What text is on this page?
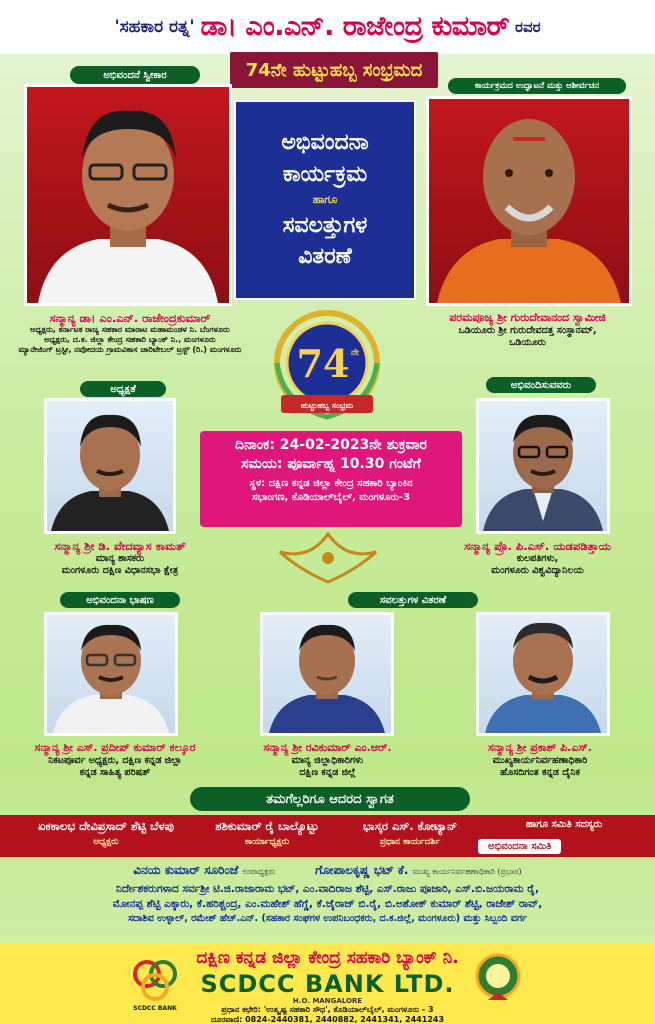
'ಸಹಕಾರ ರತ್ನ' ಡಾ। ಎಂ.ಎನ್. ರಾಜೇಂದ್ರ ಕುಮಾರ್ ರವರ
74ನೇ ಹುಟ್ಟುಹಬ್ಬ ಸಂಭ್ರಮದ
ಅಭಿವಂದನೆ ಸ್ವೀಕಾರ
ಸನ್ಮಾನ್ಯ ಡಾ। ಎಂ.ಎನ್. ರಾಜೇಂದ್ರಕುಮಾರ್
ಅಧ್ಯಕ್ಷರು, ಕರ್ನಾಟಕ ರಾಜ್ಯ ಸಹಕಾರ ಮಾರಾಟ ಮಹಾಮಂಡಳ ನಿ. ಬೆಂಗಳೂರು
ಅಧ್ಯಕ್ಷರು, ದ.ಕ. ಜಿಲ್ಲಾ ಕೇಂದ್ರ ಸಹಕಾರಿ ಬ್ಯಾಂಕ್ ನಿ., ಮಂಗಳೂರು
ಮ್ಯಾನೇಜಿಂಗ್ ಟ್ರಸ್ಟೀ, ನವೋದಯ ಗ್ರಾಮವಿಕಾಸ ಚಾರಿಟೇಬಲ್ ಟ್ರಸ್ಟ್ (ರಿ.) ಮಂಗಳೂರು
ಅಭಿವಂದನಾ
ಕಾರ್ಯಕ್ರಮ
ಹಾಗೂ
ಸವಲತ್ತುಗಳ
ವಿತರಣೆ
ಕಾರ್ಯಕ್ರಮದ ಉದ್ಘಾಟನೆ ಮತ್ತು ಆಶೀರ್ವಚನ
ಪರಮಪೂಜ್ಯ ಶ್ರೀ ಗುರುದೇವಾನಂದ ಸ್ವಾಮೀಜಿ
ಒಡಿಯೂರು ಶ್ರೀ ಗುರುದೇವದತ್ತ ಸಂಸ್ಥಾನಮ್,
ಒಡಿಯೂರು
74 ನೇ
ಹುಟ್ಟುಹಬ್ಬ ಸಂಭ್ರಮ
ಅಧ್ಯಕ್ಷತೆ
ಸನ್ಮಾನ್ಯ ಶ್ರೀ ಡಿ. ವೇದವ್ಯಾಸ ಕಾಮತ್
ಮಾನ್ಯ ಶಾಸಕರು
ಮಂಗಳೂರು ದಕ್ಷಿಣ ವಿಧಾನಸಭಾ ಕ್ಷೇತ್ರ
ದಿನಾಂಕ: 24-02-2023ನೇ ಶುಕ್ರವಾರ
ಸಮಯ: ಪೂರ್ವಾಹ್ನ 10.30 ಗಂಟೆಗೆ
ಸ್ಥಳ: ದಕ್ಷಿಣ ಕನ್ನಡ ಜಿಲ್ಲಾ ಕೇಂದ್ರ ಸಹಕಾರಿ ಬ್ಯಾಂಕಿನ
ಸಭಾಂಗಣ, ಕೊಡಿಯಾಲ್‌ಬೈಲ್, ಮಂಗಳೂರು-3
ಅಭಿವಂದಿಸುವವರು
ಸನ್ಮಾನ್ಯ ಪ್ರೊ. ಪಿ.ಎಸ್. ಯಡಪಡಿತ್ತಾಯ
ಕುಲಪತಿಗಳು,
ಮಂಗಳೂರು ವಿಶ್ವವಿದ್ಯಾನಿಲಯ
ಅಭಿವಂದನಾ ಭಾಷಣ	ಸವಲತ್ತುಗಳ ವಿತರಣೆ
ಸನ್ಮಾನ್ಯ ಶ್ರೀ ಎಸ್. ಪ್ರದೀಪ್ ಕುಮಾರ್ ಕಲ್ಕೂರ
ನಿಕಟಪೂರ್ವ ಅಧ್ಯಕ್ಷರು, ದಕ್ಷಿಣ ಕನ್ನಡ ಜಿಲ್ಲಾ
ಕನ್ನಡ ಸಾಹಿತ್ಯ ಪರಿಷತ್
ಸನ್ಮಾನ್ಯ ಶ್ರೀ ರವಿಕುಮಾರ್ ಎಂ.ಆರ್.
ಮಾನ್ಯ ಜಿಲ್ಲಾಧಿಕಾರಿಗಳು
ದಕ್ಷಿಣ ಕನ್ನಡ ಜಿಲ್ಲೆ
ಸನ್ಮಾನ್ಯ ಶ್ರೀ ಪ್ರಕಾಶ್ ಪಿ.ಎಸ್.
ಮುಖ್ಯಕಾರ್ಯನಿರ್ವಹಣಾಧಿಕಾರಿ
ಹೊಸದಿಗಂತ ಕನ್ನಡ ದೈನಿಕ
ತಮಗೆಲ್ಲರಿಗೂ ಆದರದ ಸ್ವಾಗತ
ಏಕಕಾಲಭ ದೇವಿಪ್ರಸಾದ್ ಶೆಟ್ಟಿ ಬೆಳಪು
ಅಧ್ಯಕ್ಷರು
ಶಶಿಕುಮಾರ್ ರೈ ಬಾಲ್ಯೊಟ್ಟು
ಕಾರ್ಯಾಧ್ಯಕ್ಷರು
ಭಾಸ್ಕರ ಎಸ್. ಕೋಟ್ಯಾನ್
ಪ್ರಧಾನ ಕಾರ್ಯದರ್ಶಿ
ಹಾಗೂ ಸಮಿತಿ ಸದಸ್ಯರು
ಅಭಿವಂದನಾ ಸಮಿತಿ
ವಿನಯ ಕುಮಾರ್ ಸೂರಿಂಜೆ ಉಪಾಧ್ಯಕ್ಷರು	ಗೋಪಾಲಕೃಷ್ಣ ಭಟ್ ಕೆ. ಮುಖ್ಯ ಕಾರ್ಯನಿರ್ವಹಣಾಧಿಕಾರಿ (ಪ್ರಭಾರ)
ನಿರ್ದೇಶಕರುಗಳಾದ ಸರ್ವಶ್ರೀ ಟಿ.ಜಿ.ರಾಜಾರಾಮ ಭಟ್, ಎಂ.ವಾದಿರಾಜ ಶೆಟ್ಟಿ, ಎಸ್.ರಾಜು ಪೂಜಾರಿ, ಎಸ್.ಬಿ.ಜಯರಾಮ ರೈ,
ಮೋನಪ್ಪ ಶೆಟ್ಟಿ ಎಕ್ಕಾರು, ಕೆ.ಹರಿಶ್ಚಂದ್ರ, ಎಂ.ಮಹೇಶ್ ಹೆಗ್ಡೆ, ಕೆ.ಜೈರಾಜ್ ಬಿ.ರೈ, ಬಿ.ಅಶೋಕ್ ಕುಮಾರ್ ಶೆಟ್ಟಿ, ರಾಜೇಶ್ ರಾವ್,
ಸದಾಶಿವ ಉಳ್ಳಾಲ್, ರಮೇಶ್ ಹೆಚ್.ಎನ್. (ಸಹಕಾರ ಸಂಘಗಳ ಉಪನಿಬಂಧಕರು, ದ.ಕ.ಜಿಲ್ಲೆ, ಮಂಗಳೂರು) ಮತ್ತು ಸಿಬ್ಬಂದಿ ವರ್ಗ
SCDCC BANK
ದಕ್ಷಿಣ ಕನ್ನಡ ಜಿಲ್ಲಾ ಕೇಂದ್ರ ಸಹಕಾರಿ ಬ್ಯಾಂಕ್ ನಿ.
SCDCC BANK LTD.
H.O. MANGALORE
ಪ್ರಧಾನ ಕಛೇರಿ: 'ಉತ್ಕೃಷ್ಟ ಸಹಕಾರಿ ಸೌಧ', ಕೊಡಿಯಾಲ್‌ಬೈಲ್, ಮಂಗಳೂರು - 3
ದೂರವಾಣಿ: 0824-2440381, 2440882, 2441341, 2441243
